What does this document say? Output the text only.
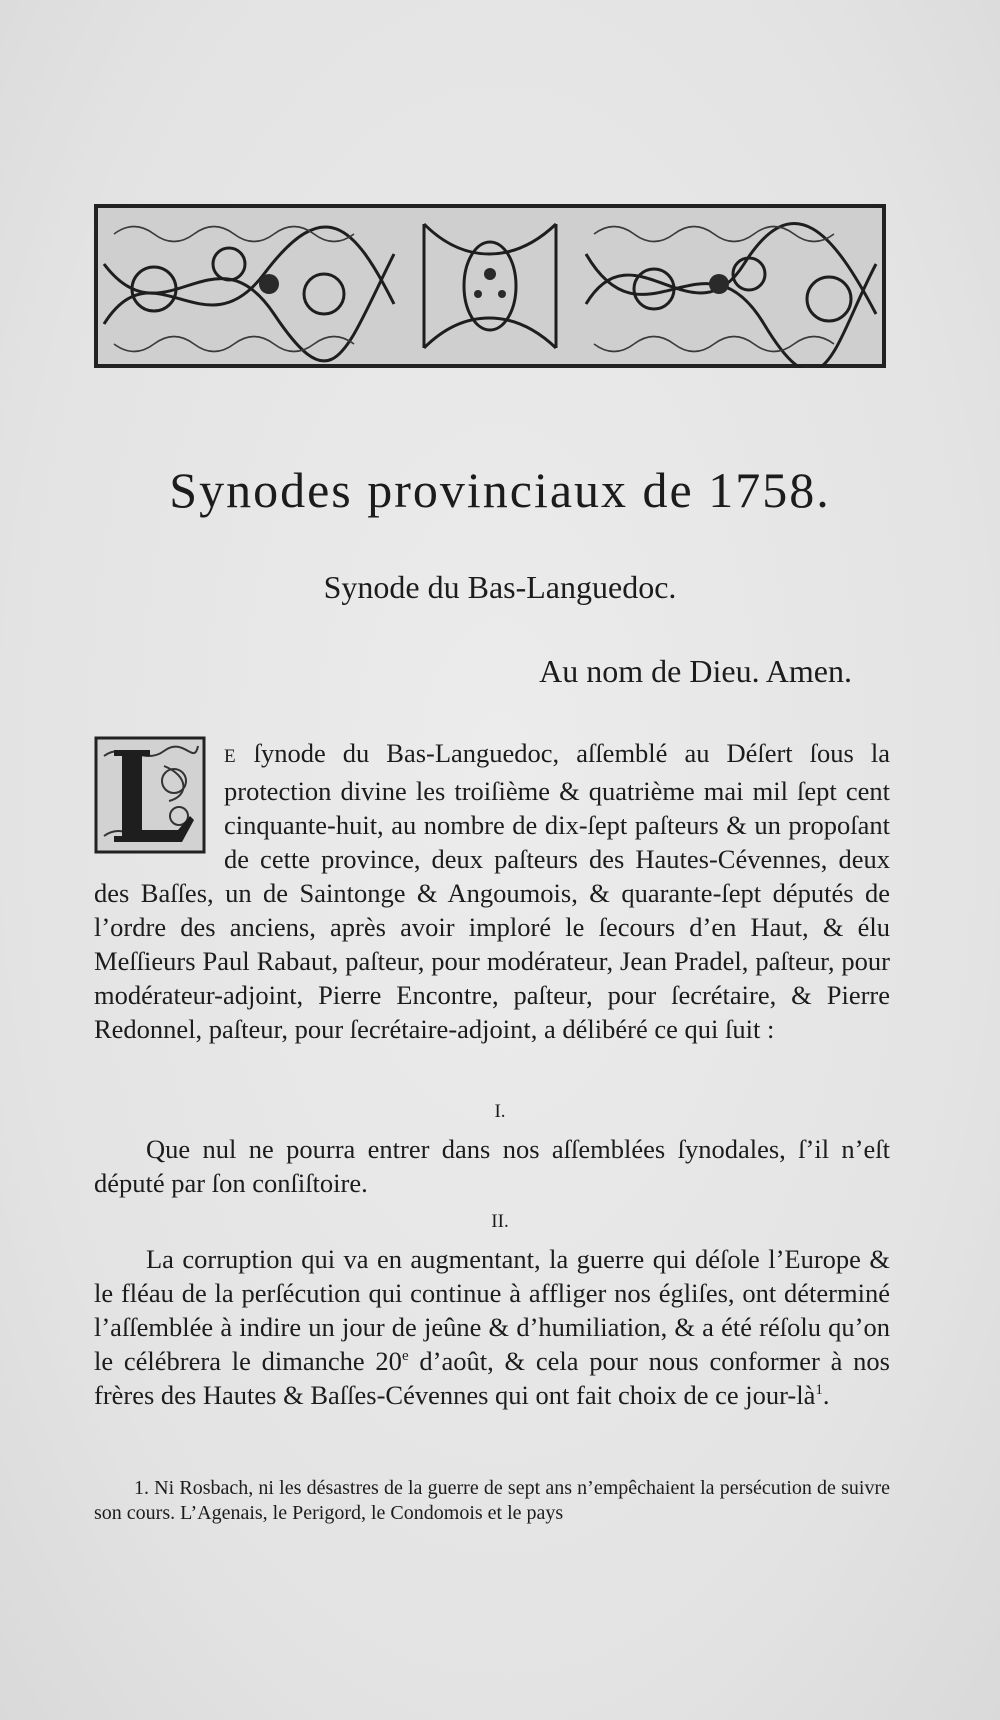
Synodes provinciaux de 1758.
Synode du Bas-Languedoc.

Au nom de Dieu. Amen.

E ſynode du Bas-Languedoc, aſſemblé au Déſert ſous la protection divine les troiſième & quatrième mai mil ſept cent cinquante-huit, au nombre de dix-ſept paſteurs & un propoſant de cette province, deux paſteurs des Hautes-Cévennes, deux des Baſſes, un de Saintonge & Angoumois, & quarante-ſept députés de l’ordre des anciens, après avoir imploré le ſecours d’en Haut, & élu Meſſieurs Paul Rabaut, paſteur, pour modérateur, Jean Pradel, paſteur, pour modérateur-adjoint, Pierre Encontre, paſteur, pour ſecrétaire, & Pierre Redonnel, paſteur, pour ſecrétaire-adjoint, a délibéré ce qui ſuit :

I.

Que nul ne pourra entrer dans nos aſſemblées ſynodales, ſ’il n’eſt député par ſon conſiſtoire.

II.

La corruption qui va en augmentant, la guerre qui déſole l’Europe & le fléau de la perſécution qui continue à affliger nos égliſes, ont déterminé l’aſſemblée à indire un jour de jeûne & d’humiliation, & a été réſolu qu’on le célébrera le dimanche 20e d’août, & cela pour nous conformer à nos frères des Hautes & Baſſes-Cévennes qui ont fait choix de ce jour-$là^1$.

1. Ni Rosbach, ni les désastres de la guerre de sept ans n’empêchaient la persécution de suivre son cours. L’Agenais, le Perigord, le Condomois et le pays
